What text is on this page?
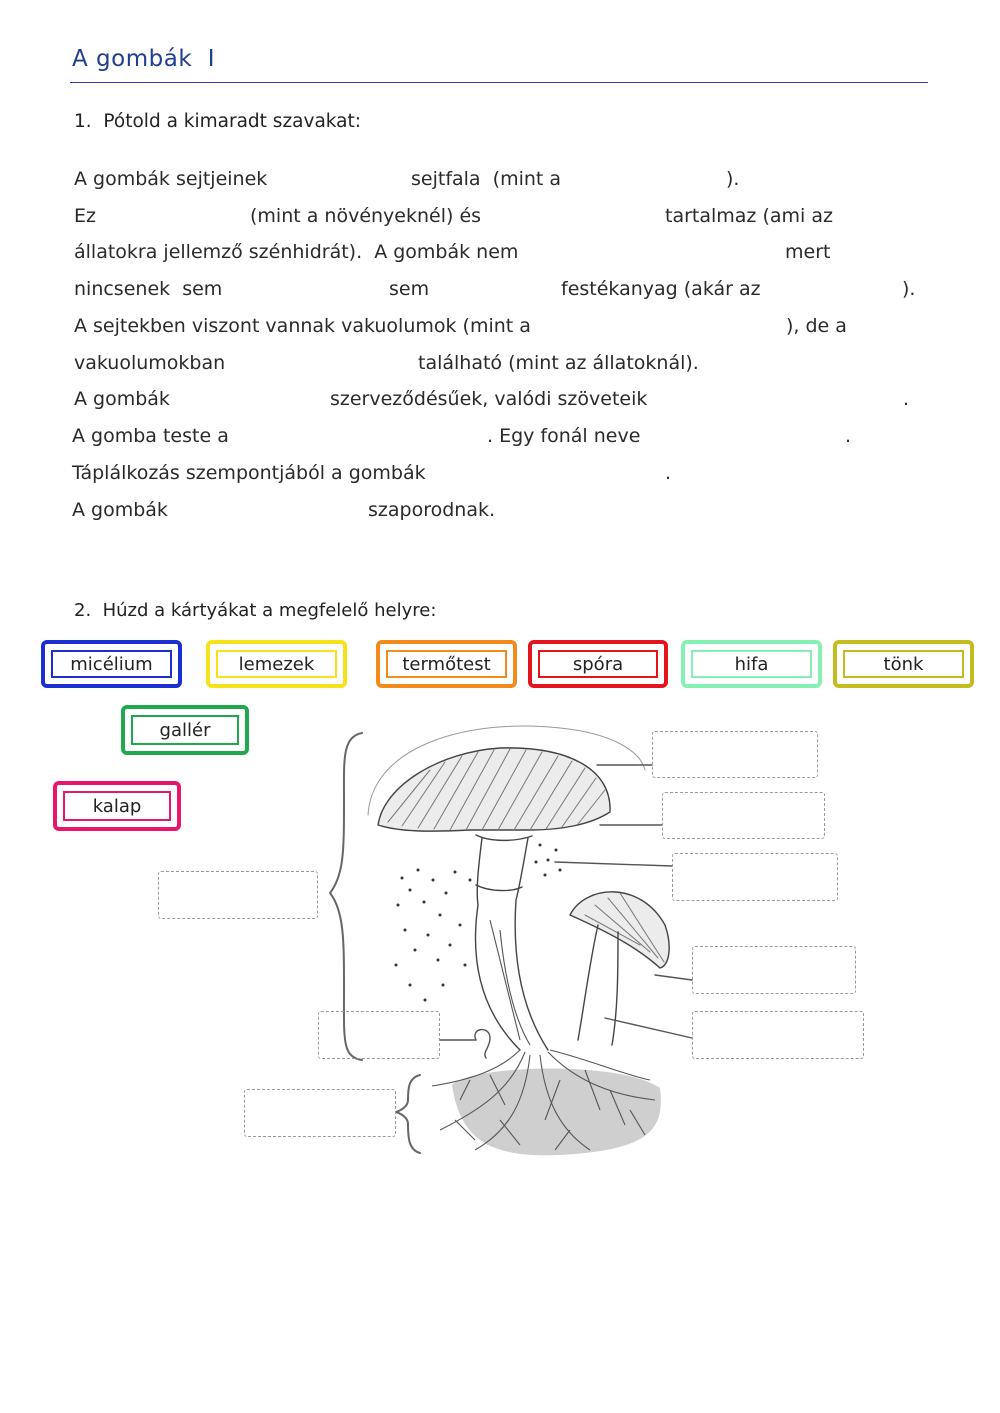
A gombák  I
1.  Pótold a kimaradt szavakat:
A gombák sejtjeinek	sejtfala  (mint a	).
Ez	(mint a növényeknél) és	tartalmaz (ami az
állatokra jellemző szénhidrát).  A gombák nem	mert
nincsenek  sem	sem	festékanyag (akár az	).
A sejtekben viszont vannak vakuolumok (mint a	), de a
vakuolumokban	található (mint az állatoknál).
A gombák	szerveződésűek, valódi szöveteik	.
A gomba teste a	. Egy fonál neve	.
Táplálkozás szempontjából a gombák	.
A gombák	szaporodnak.
2.  Húzd a kártyákat a megfelelő helyre:
micélium	lemezek	termőtest	spóra	hifa	tönk
gallér
kalap
